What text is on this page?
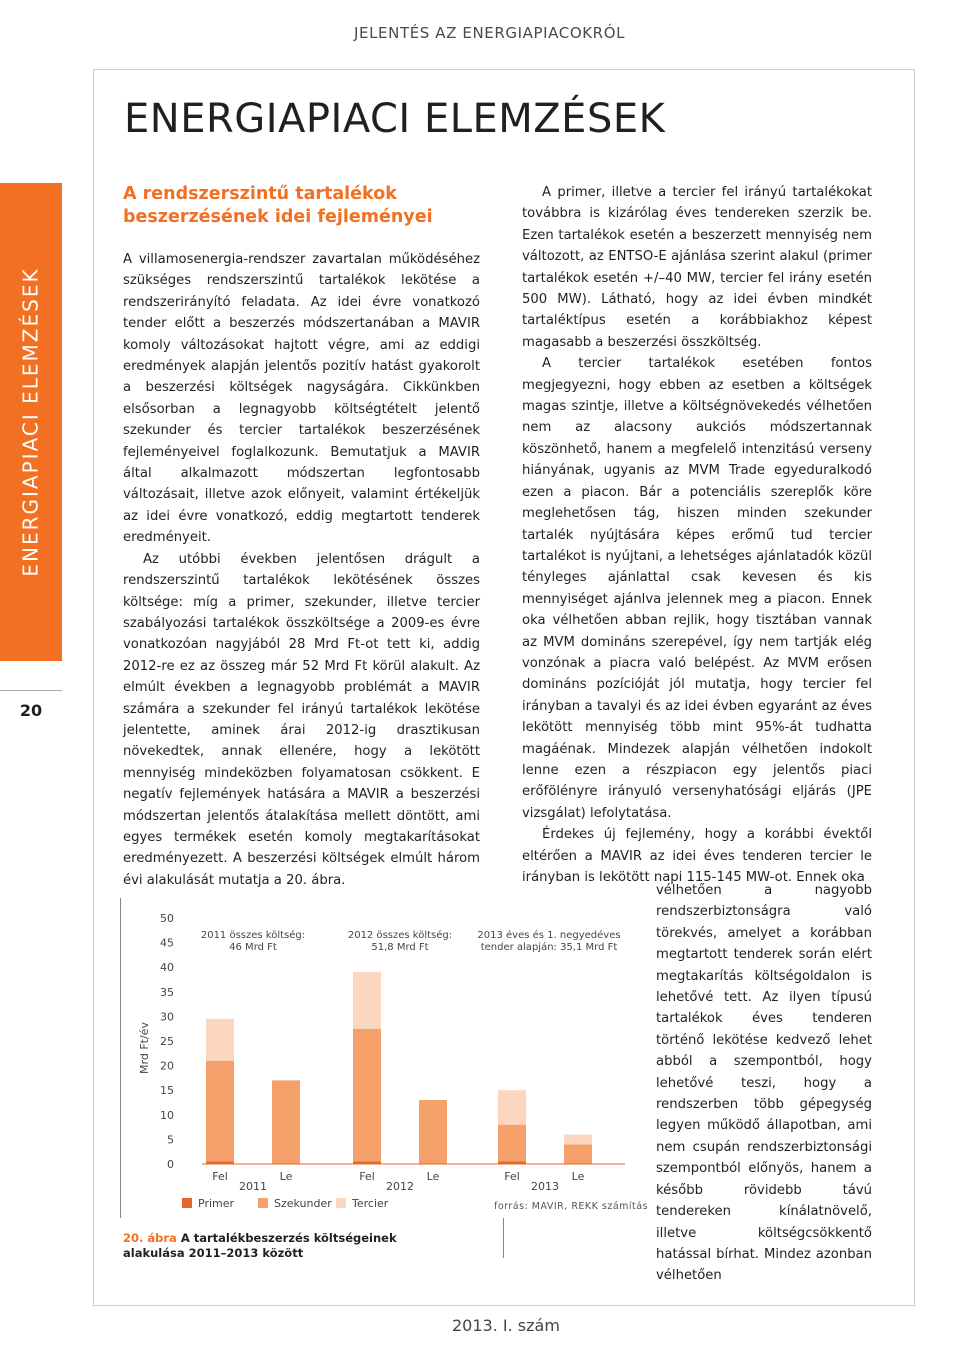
JELENTÉS AZ ENERGIAPIACOKRÓL
ENERGIAPIACI ELEMZÉSEK
20
ENERGIAPIACI ELEMZÉSEK
A rendszerszintű tartalékok beszerzésének idei fejleményei

A villamosenergia-rendszer zavartalan működéséhez szükséges rendszerszintű tartalékok lekötése a rendszerirányító feladata. Az idei évre vonatkozó tender előtt a beszerzés módszertanában a MAVIR komoly változásokat hajtott végre, ami az eddigi eredmények alapján jelentős pozitív hatást gyakorolt a beszerzési költségek nagyságára. Cikkünkben elsősorban a legnagyobb költségtételt jelentő szekunder és tercier tartalékok beszerzésének fejleményeivel foglalkozunk. Bemutatjuk a MAVIR által alkalmazott módszertan legfontosabb változásait, illetve azok előnyeit, valamint értékeljük az idei évre vonatkozó, eddig megtartott tenderek eredményeit.

Az utóbbi években jelentősen drágult a rendszerszintű tartalékok lekötésének összes költsége: míg a primer, szekunder, illetve tercier szabályozási tartalékok összköltsége a 2009-es évre vonatkozóan nagyjából 28 Mrd Ft-ot tett ki, addig 2012-re ez az összeg már 52 Mrd Ft körül alakult. Az elmúlt években a legnagyobb problémát a MAVIR számára a szekunder fel irányú tartalékok lekötése jelentette, aminek árai 2012-ig drasztikusan növekedtek, annak ellenére, hogy a lekötött mennyiség mindeközben folyamatosan csökkent. E negatív fejlemények hatására a MAVIR a beszerzési módszertan jelentős átalakítása mellett döntött, ami egyes termékek esetén komoly megtakarításokat eredményezett. A beszerzési költségek elmúlt három évi alakulását mutatja a 20. ábra.

A primer, illetve a tercier fel irányú tartalékokat továbbra is kizárólag éves tendereken szerzik be. Ezen tartalékok esetén a beszerzett mennyiség nem változott, az ENTSO-E ajánlása szerint alakul (primer tartalékok esetén +/–40 MW, tercier fel irány esetén 500 MW). Látható, hogy az idei évben mindkét tartaléktípus esetén a korábbiakhoz képest magasabb a beszerzési összköltség.

A tercier tartalékok esetében fontos megjegyezni, hogy ebben az esetben a költségek magas szintje, illetve a költségnövekedés vélhetően nem az alacsony aukciós módszertannak köszönhető, hanem a megfelelő intenzitású verseny hiányának, ugyanis az MVM Trade egyeduralkodó ezen a piacon. Bár a potenciális szereplők köre meglehetősen tág, hiszen minden szekunder tartalék nyújtására képes erőmű tud tercier tartalékot is nyújtani, a lehetséges ajánlatadók közül tényleges ajánlattal csak kevesen és kis mennyiséget ajánlva jelennek meg a piacon. Ennek oka vélhetően abban rejlik, hogy tisztában vannak az MVM domináns szerepével, így nem tartják elég vonzónak a piacra való belépést. Az MVM erősen domináns pozícióját jól mutatja, hogy tercier fel irányban a tavalyi és az idei évben egyaránt az éves lekötött mennyiség több mint 95%-át tudhatta magáénak. Mindezek alapján vélhetően indokolt lenne ezen a részpiacon egy jelentős piaci erőfölényre irányuló versenyhatósági eljárás (JPE vizsgálat) lefolytatása.

Érdekes új fejlemény, hogy a korábbi évektől eltérően a MAVIR az idei éves tenderen tercier le irányban is lekötött napi 115-145 MW-ot. Ennek oka

vélhetően a nagyobb rendszerbiztonságra való törekvés, amelyet a korábban megtartott tenderek során elért megtakarítás költségoldalon is lehetővé tett. Az ilyen típusú tartalékok éves tenderen történő lekötése kedvező lehet abból a szempontból, hogy lehetővé teszi, hogy a rendszerben több gépegység legyen működő állapotban, ami nem csupán rendszerbiztonsági szempontból előnyös, hanem a később rövidebb távú tendereken kínálatnövelő, illetve költségcsökkentő hatással bírhat. Mindez azonban vélhetően

Mrd Ft/év
0
5
10
15
20
25
30
35
40
45
50
Fel	Le
2011
2011 összes költség:
46 Mrd Ft
Fel	Le
2012
2012 összes költség:
51,8 Mrd Ft
Fel	Le
2013
2013 éves és 1. negyedéves
tender alapján: 35,1 Mrd Ft
Primer	Szekunder Tercier	forrás: MAVIR, REKK számítás
20. ábra A tartalékbeszerzés költségeinek alakulása 2011–2013 között
2013. I. szám
